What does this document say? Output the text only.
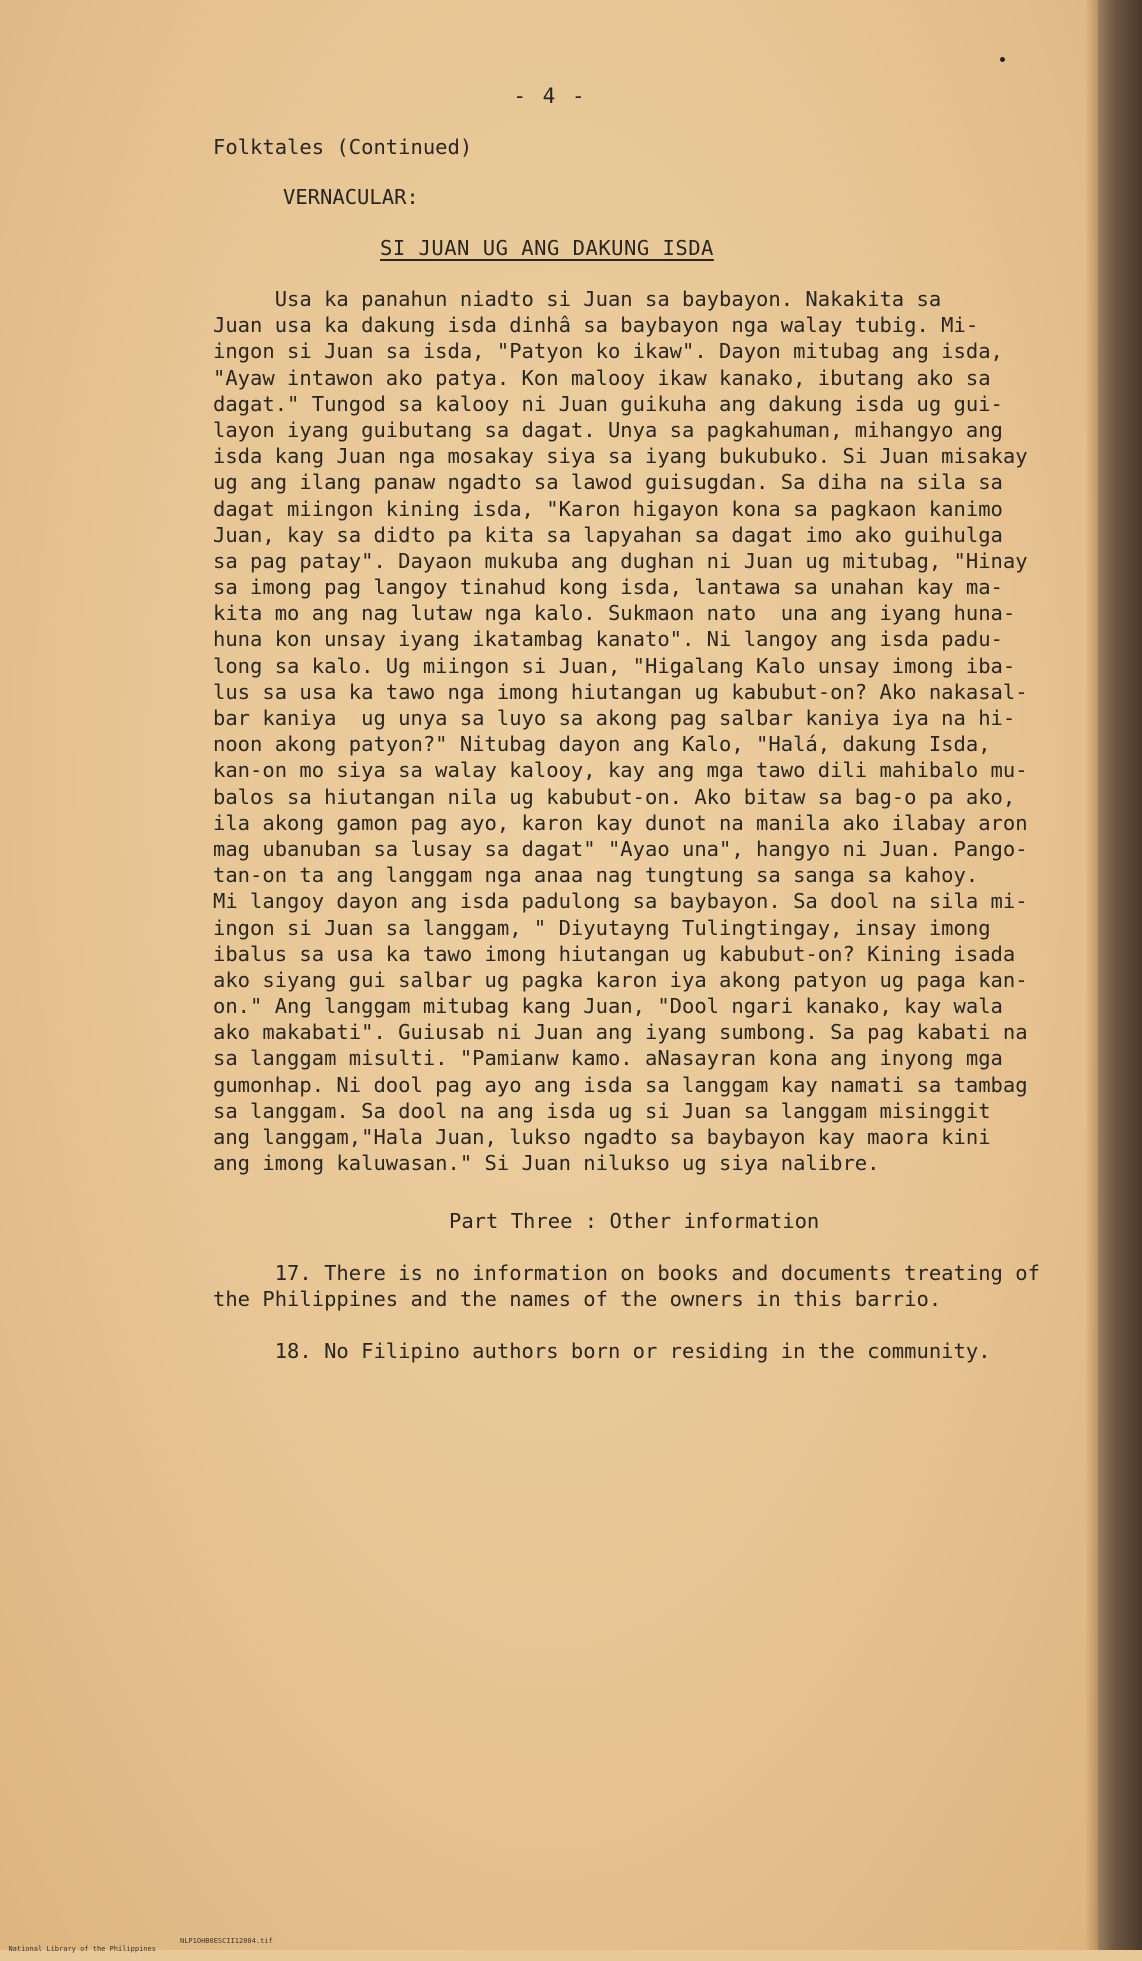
- 4 -
Folktales (Continued)
VERNACULAR:
SI JUAN UG ANG DAKUNG ISDA
Usa ka panahun niadto si Juan sa baybayon. Nakakita sa
Juan usa ka dakung isda dinhâ sa baybayon nga walay tubig. Mi-
ingon si Juan sa isda, "Patyon ko ikaw". Dayon mitubag ang isda,
"Ayaw intawon ako patya. Kon malooy ikaw kanako, ibutang ako sa
dagat." Tungod sa kalooy ni Juan guikuha ang dakung isda ug gui-
layon iyang guibutang sa dagat. Unya sa pagkahuman, mihangyo ang
isda kang Juan nga mosakay siya sa iyang bukubuko. Si Juan misakay
ug ang ilang panaw ngadto sa lawod guisugdan. Sa diha na sila sa
dagat miingon kining isda, "Karon higayon kona sa pagkaon kanimo
Juan, kay sa didto pa kita sa lapyahan sa dagat imo ako guihulga
sa pag patay". Dayaon mukuba ang dughan ni Juan ug mitubag, "Hinay
sa imong pag langoy tinahud kong isda, lantawa sa unahan kay ma-
kita mo ang nag lutaw nga kalo. Sukmaon nato  una ang iyang huna-
huna kon unsay iyang ikatambag kanato". Ni langoy ang isda padu-
long sa kalo. Ug miingon si Juan, "Higalang Kalo unsay imong iba-
lus sa usa ka tawo nga imong hiutangan ug kabubut-on? Ako nakasal-
bar kaniya  ug unya sa luyo sa akong pag salbar kaniya iya na hi-
noon akong patyon?" Nitubag dayon ang Kalo, "Halá, dakung Isda,
kan-on mo siya sa walay kalooy, kay ang mga tawo dili mahibalo mu-
balos sa hiutangan nila ug kabubut-on. Ako bitaw sa bag-o pa ako,
ila akong gamon pag ayo, karon kay dunot na manila ako ilabay aron
mag ubanuban sa lusay sa dagat" "Ayao una", hangyo ni Juan. Pango-
tan-on ta ang langgam nga anaa nag tungtung sa sanga sa kahoy.
Mi langoy dayon ang isda padulong sa baybayon. Sa dool na sila mi-
ingon si Juan sa langgam, " Diyutayng Tulingtingay, insay imong
ibalus sa usa ka tawo imong hiutangan ug kabubut-on? Kining isada
ako siyang gui salbar ug pagka karon iya akong patyon ug paga kan-
on." Ang langgam mitubag kang Juan, "Dool ngari kanako, kay wala
ako makabati". Guiusab ni Juan ang iyang sumbong. Sa pag kabati na
sa langgam misulti. "Pamianw kamo. aNasayran kona ang inyong mga
gumonhap. Ni dool pag ayo ang isda sa langgam kay namati sa tambag
sa langgam. Sa dool na ang isda ug si Juan sa langgam misinggit
ang langgam,"Hala Juan, lukso ngadto sa baybayon kay maora kini
ang imong kaluwasan." Si Juan nilukso ug siya nalibre.
Part Three : Other information
17. There is no information on books and documents treating of
the Philippines and the names of the owners in this barrio.
18. No Filipino authors born or residing in the community.

National Library of the Philippines

NLP1OHB0ESCII12004.tif
